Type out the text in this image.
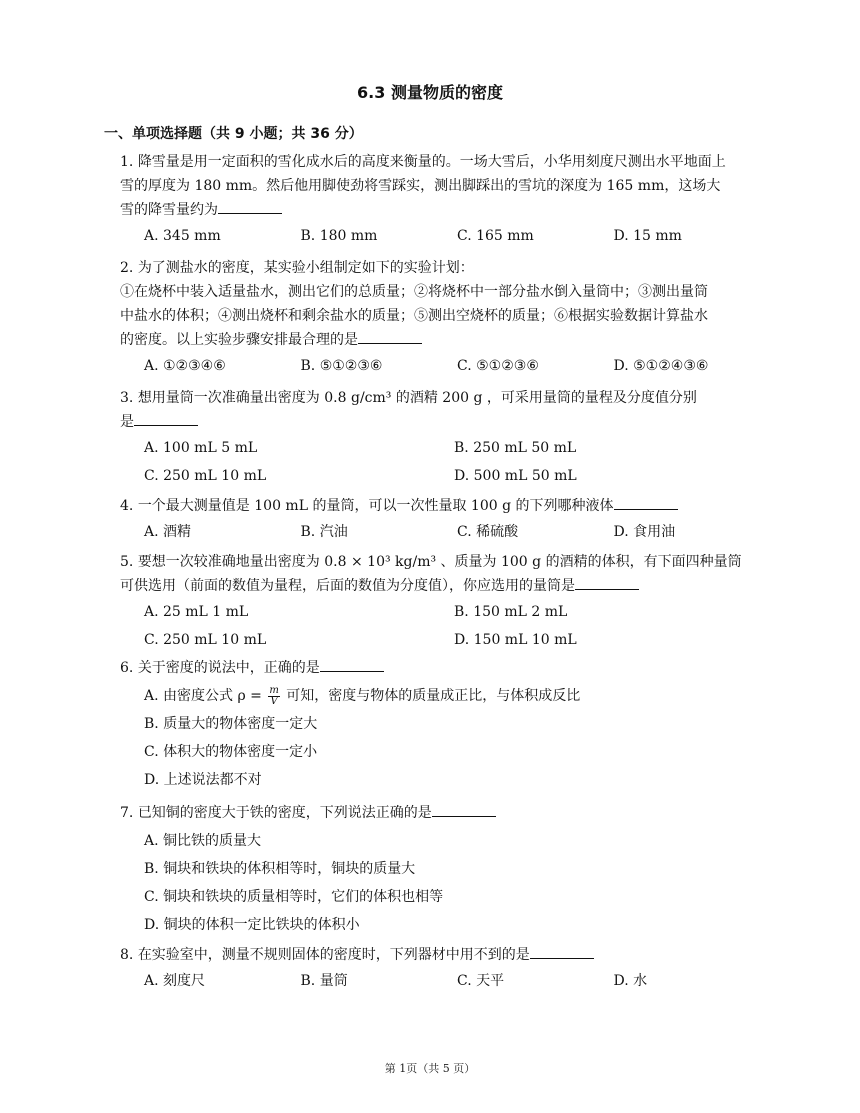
6.3 测量物质的密度
一、单项选择题（共 9 小题；共 36 分）

1. 降雪量是用一定面积的雪化成水后的高度来衡量的。一场大雪后，小华用刻度尺测出水平地面上

雪的厚度为 180 mm。然后他用脚使劲将雪踩实，测出脚踩出的雪坑的深度为 165 mm，这场大

雪的降雪量约为

A. 345 mm	B. 180 mm	C. 165 mm	D. 15 mm

2. 为了测盐水的密度，某实验小组制定如下的实验计划：

①在烧杯中装入适量盐水，测出它们的总质量；②将烧杯中一部分盐水倒入量筒中；③测出量筒

中盐水的体积；④测出烧杯和剩余盐水的质量；⑤测出空烧杯的质量；⑥根据实验数据计算盐水

的密度。以上实验步骤安排最合理的是

A. ①②③④⑥	B. ⑤①②③⑥	C. ⑤①②③⑥	D. ⑤①②④③⑥

3. 想用量筒一次准确量出密度为 0.8 g/cm³ 的酒精 200 g ，可采用量筒的量程及分度值分别

是

A. 100 mL 5 mL	B. 250 mL 50 mL
C. 250 mL 10 mL	D. 500 mL 50 mL

4. 一个最大测量值是 100 mL 的量筒，可以一次性量取 100 g 的下列哪种液体

A. 酒精	B. 汽油	C. 稀硫酸	D. 食用油

5. 要想一次较准确地量出密度为 0.8 × 10³ kg/m³ 、质量为 100 g 的酒精的体积，有下面四种量筒

可供选用（前面的数值为量程，后面的数值为分度值），你应选用的量筒是

A. 25 mL 1 mL	B. 150 mL 2 mL
C. 250 mL 10 mL	D. 150 mL 10 mL

6. 关于密度的说法中，正确的是

A. 由密度公式 $\rho = \frac{m}{V}$ 可知，密度与物体的质量成正比，与体积成反比
B. 质量大的物体密度一定大
C. 体积大的物体密度一定小
D. 上述说法都不对

7. 已知铜的密度大于铁的密度，下列说法正确的是

A. 铜比铁的质量大
B. 铜块和铁块的体积相等时，铜块的质量大
C. 铜块和铁块的质量相等时，它们的体积也相等
D. 铜块的体积一定比铁块的体积小

8. 在实验室中，测量不规则固体的密度时，下列器材中用不到的是

A. 刻度尺	B. 量筒	C. 天平	D. 水
第 1页（共 5 页）
